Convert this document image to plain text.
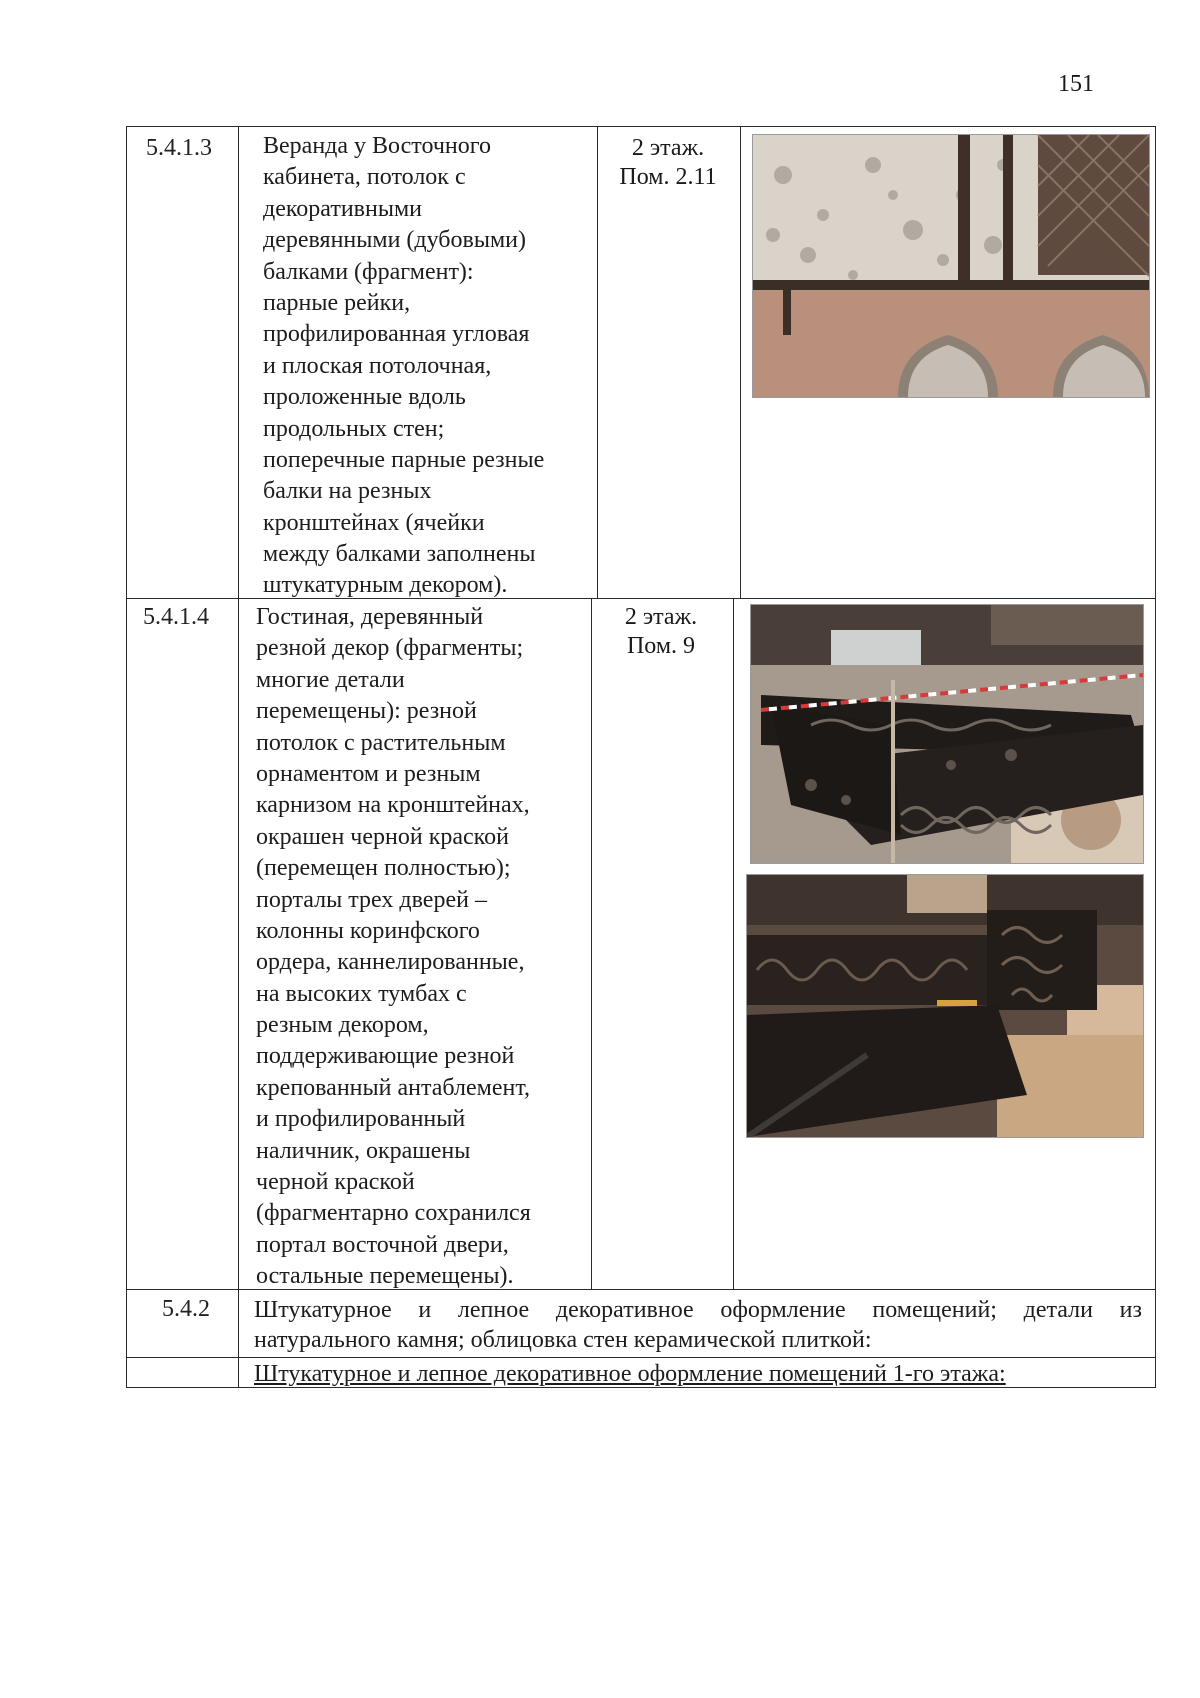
151
5.4.1.3 Веранда у Восточного
кабинета, потолок с
декоративными
деревянными (дубовыми)
балками (фрагмент):
парные рейки,
профилированная угловая
и плоская потолочная,
проложенные вдоль
продольных стен;
поперечные парные резные
балки на резных
кронштейнах (ячейки
между балками заполнены
штукатурным декором).
2 этаж.
Пом. 2.11
5.4.1.4 Гостиная, деревянный
резной декор (фрагменты;
многие детали
перемещены): резной
потолок с растительным
орнаментом и резным
карнизом на кронштейнах,
окрашен черной краской
(перемещен полностью);
порталы трех дверей –
колонны коринфского
ордера, каннелированные,
на высоких тумбах с
резным декором,
поддерживающие резной
крепованный антаблемент,
и профилированный
наличник, окрашены
черной краской
(фрагментарно сохранился
портал восточной двери,
остальные перемещены).
2 этаж.
Пом. 9
5.4.2 Штукатурное и лепное декоративное оформление помещений; детали из
натурального камня; облицовка стен керамической плиткой:
Штукатурное и лепное декоративное оформление помещений 1-го этажа:
